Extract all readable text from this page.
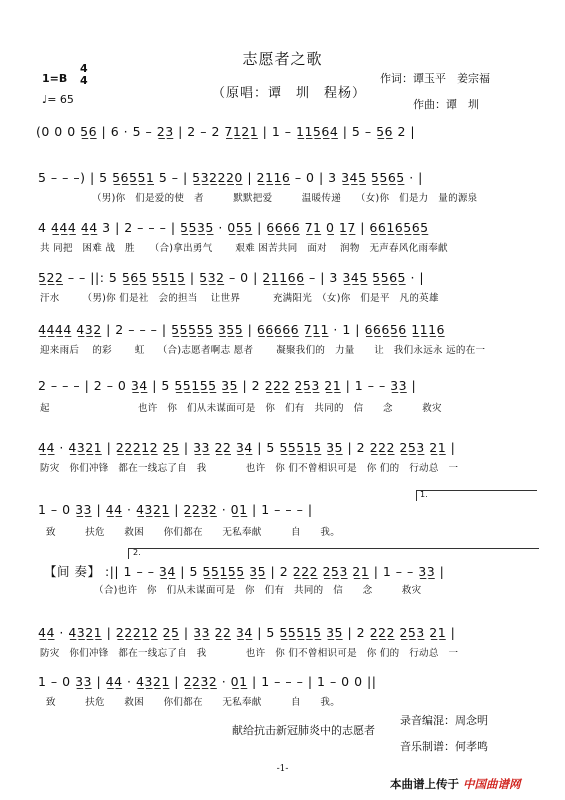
志愿者之歌
（原唱：谭　圳　程杨）
作词：谭玉平　姜宗福
作曲：谭　圳
1=B
4
4
♩= 65
(0 0 0 5̲6̲ | 6 · 5 – 2̲3̲ | 2 – 2 7̲1̲2̲1̲ | 1 – 1̲1̲5̲6̲4̲ | 5 – 5̲6̲ 2 |
5 – – –) | 5 5̲6̲5̲5̲1̲ 5 – | 5̲3̲2̲2̲2̲0̲ | 2̲1̲1̲6̲ – 0 | 3 3̲4̲5̲ 5̲5̲6̲5̲ · |
（男)你　们是爱的使　者　　　默默把爱　　　温暖传递　　（女)你　们是力　量的源泉
4 4̲4̲4̲ 4̲4̲ 3 | 2 – – – | 5̲5̲3̲5̲ · 0̲5̲5̲ | 6̲6̲6̲6̲ 7̲1̲ 0̲ 1̲7̲ | 6̲6̲1̲6̲5̲6̲5̲
共 同把　困难 战　胜　　（合)拿出勇气　　 艰难 困苦共同　面对　 润物　无声春风化雨奉献
5̲2̲2̲ – – ||: 5 5̲6̲5̲ 5̲5̲1̲5̲ | 5̲3̲2̲ – 0 | 2̲1̲1̲6̲6̲ – | 3 3̲4̲5̲ 5̲5̲6̲5̲ · |
汗水　　 （男)你 们是社　会的担当　 让世界　　　 充满阳光　（女)你　们是平　凡的英雄
4̲4̲4̲4̲ 4̲3̲2̲ | 2 – – – | 5̲5̲5̲5̲5̲ 3̲5̲5̲ | 6̲6̲6̲6̲6̲ 7̲1̲1̲ · 1 | 6̲6̲6̲5̲6̲ 1̲1̲1̲6̲
迎来雨后　 的彩　　 虹　 （合)志愿者啊志 愿者　　 凝聚我们的　力量　　让　我们永远永 远的在一
2 – – – | 2 – 0 3̲4̲ | 5 5̲5̲1̲5̲5̲ 3̲5̲ | 2 2̲2̲2̲ 2̲5̲3̲ 2̲1̲ | 1 – – 3̲3̲ |
起　　　　　　　　　也许　你　们从未谋面可是　你　们有　共同的　信　　念　　　救灾
4̲4̲ · 4̲3̲2̲1̲ | 2̲2̲2̲1̲2̲ 2̲5̲ | 3̲3̲ 2̲2̲ 3̲4̲ | 5 5̲5̲5̲1̲5̲ 3̲5̲ | 2 2̲2̲2̲ 2̲5̲3̲ 2̲1̲ |
防灾　你们冲锋　都在一线忘了自　我　　　　也许　你 们不曾相识可是　你 们的　行动总　一
1.
1 – 0 3̲3̲ | 4̲4̲ · 4̲3̲2̲1̲ | 2̲2̲3̲2̲ · 0̲1̲ | 1 – – – |
致　　　扶危　　救困　　你们都在　　无私奉献　　　自　　我。
2.
【间 奏】 :|| 1 – – 3̲4̲ | 5 5̲5̲1̲5̲5̲ 3̲5̲ | 2 2̲2̲2̲ 2̲5̲3̲ 2̲1̲ | 1 – – 3̲3̲ |
　　　　　　（合)也许　你　们从未谋面可是　你　们有　共同的　信　　念　　　救灾
4̲4̲ · 4̲3̲2̲1̲ | 2̲2̲2̲1̲2̲ 2̲5̲ | 3̲3̲ 2̲2̲ 3̲4̲ | 5 5̲5̲5̲1̲5̲ 3̲5̲ | 2 2̲2̲2̲ 2̲5̲3̲ 2̲1̲ |
防灾　你们冲锋　都在一线忘了自　我　　　　也许　你 们不曾相识可是　你 们的　行动总　一
1 – 0 3̲3̲ | 4̲4̲ · 4̲3̲2̲1̲ | 2̲2̲3̲2̲ · 0̲1̲ | 1 – – – | 1 – 0 0 ||
致　　　扶危　　救困　　你们都在　　无私奉献　　　自　　我。
献给抗击新冠肺炎中的志愿者
录音编混：周念明
音乐制谱：何孝鸣
-1-
本曲谱上传于 中国曲谱网
